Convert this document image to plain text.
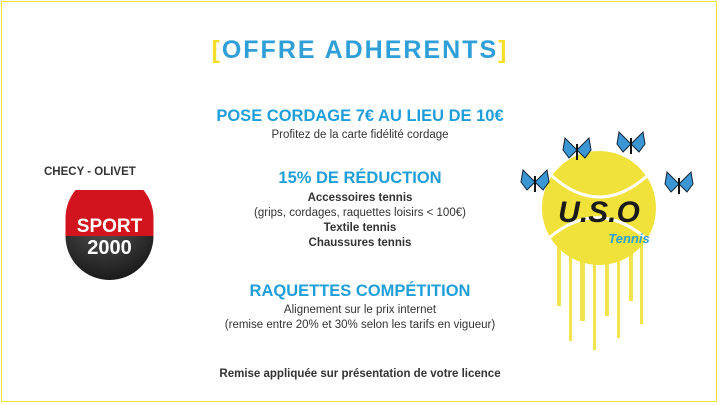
[OFFRE ADHERENTS]
POSE CORDAGE 7€ AU LIEU DE 10€
Profitez de la carte fidélité cordage
15% DE RÉDUCTION
Accessoires tennis
(grips, cordages, raquettes loisirs < 100€)
Textile tennis
Chaussures tennis
RAQUETTES COMPÉTITION
Alignement sur le prix internet
(remise entre 20% et 30% selon les tarifs en vigueur)
Remise appliquée sur présentation de votre licence
CHECY - OLIVET
SPORT
2000
U.S.O
Tennis
